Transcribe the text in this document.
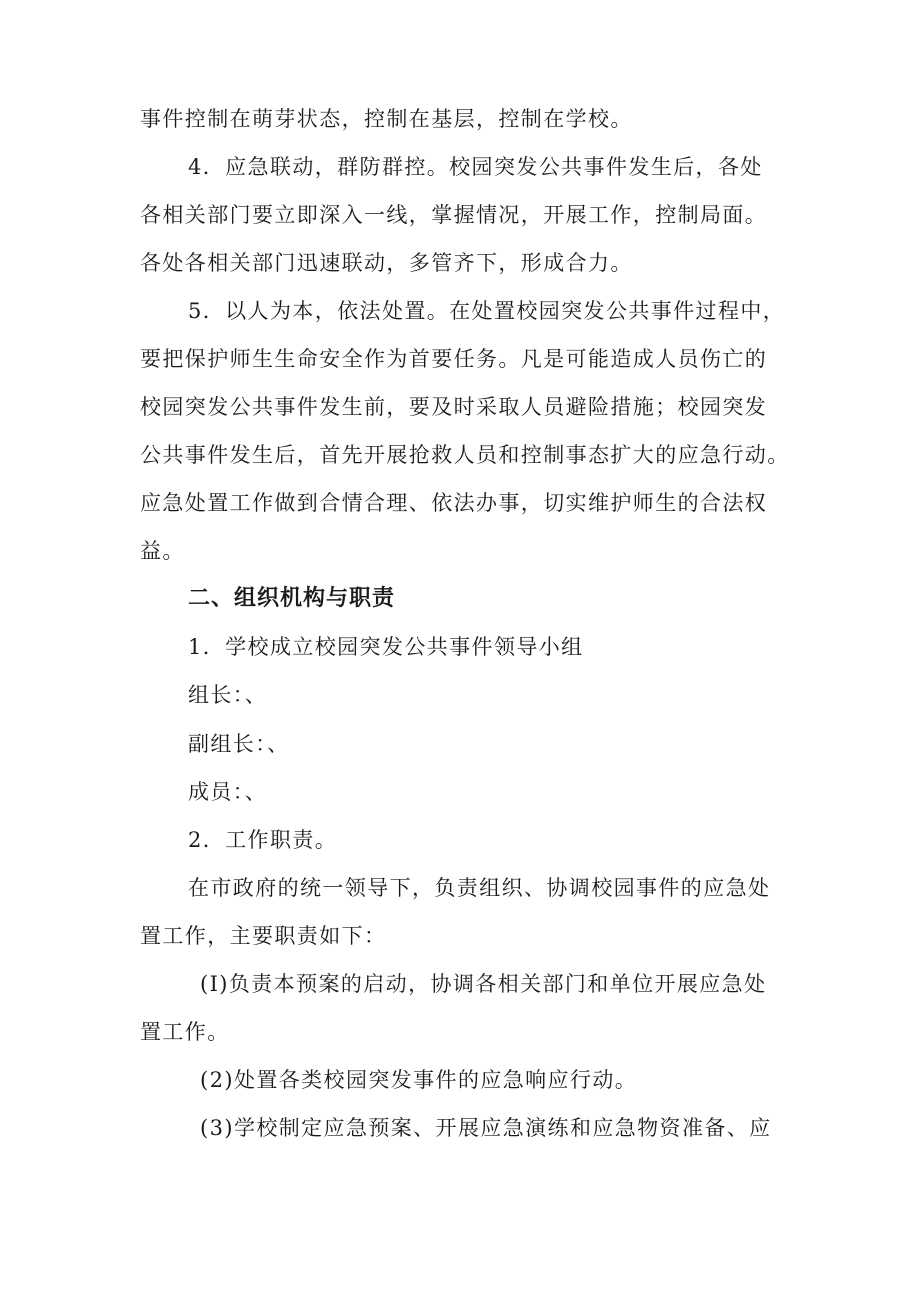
事件控制在萌芽状态，控制在基层，控制在学校。
4．应急联动，群防群控。校园突发公共事件发生后，各处
各相关部门要立即深入一线，掌握情况，开展工作，控制局面。
各处各相关部门迅速联动，多管齐下，形成合力。
5．以人为本，依法处置。在处置校园突发公共事件过程中，
要把保护师生生命安全作为首要任务。凡是可能造成人员伤亡的
校园突发公共事件发生前，要及时采取人员避险措施；校园突发
公共事件发生后，首先开展抢救人员和控制事态扩大的应急行动。
应急处置工作做到合情合理、依法办事，切实维护师生的合法权
益。
二、组织机构与职责
1．学校成立校园突发公共事件领导小组
组长：、
副组长：、
成员：、
2．工作职责。
在市政府的统一领导下，负责组织、协调校园事件的应急处
置工作，主要职责如下：
(I)负责本预案的启动，协调各相关部门和单位开展应急处
置工作。
(2)处置各类校园突发事件的应急响应行动。
(3)学校制定应急预案、开展应急演练和应急物资准备、应
